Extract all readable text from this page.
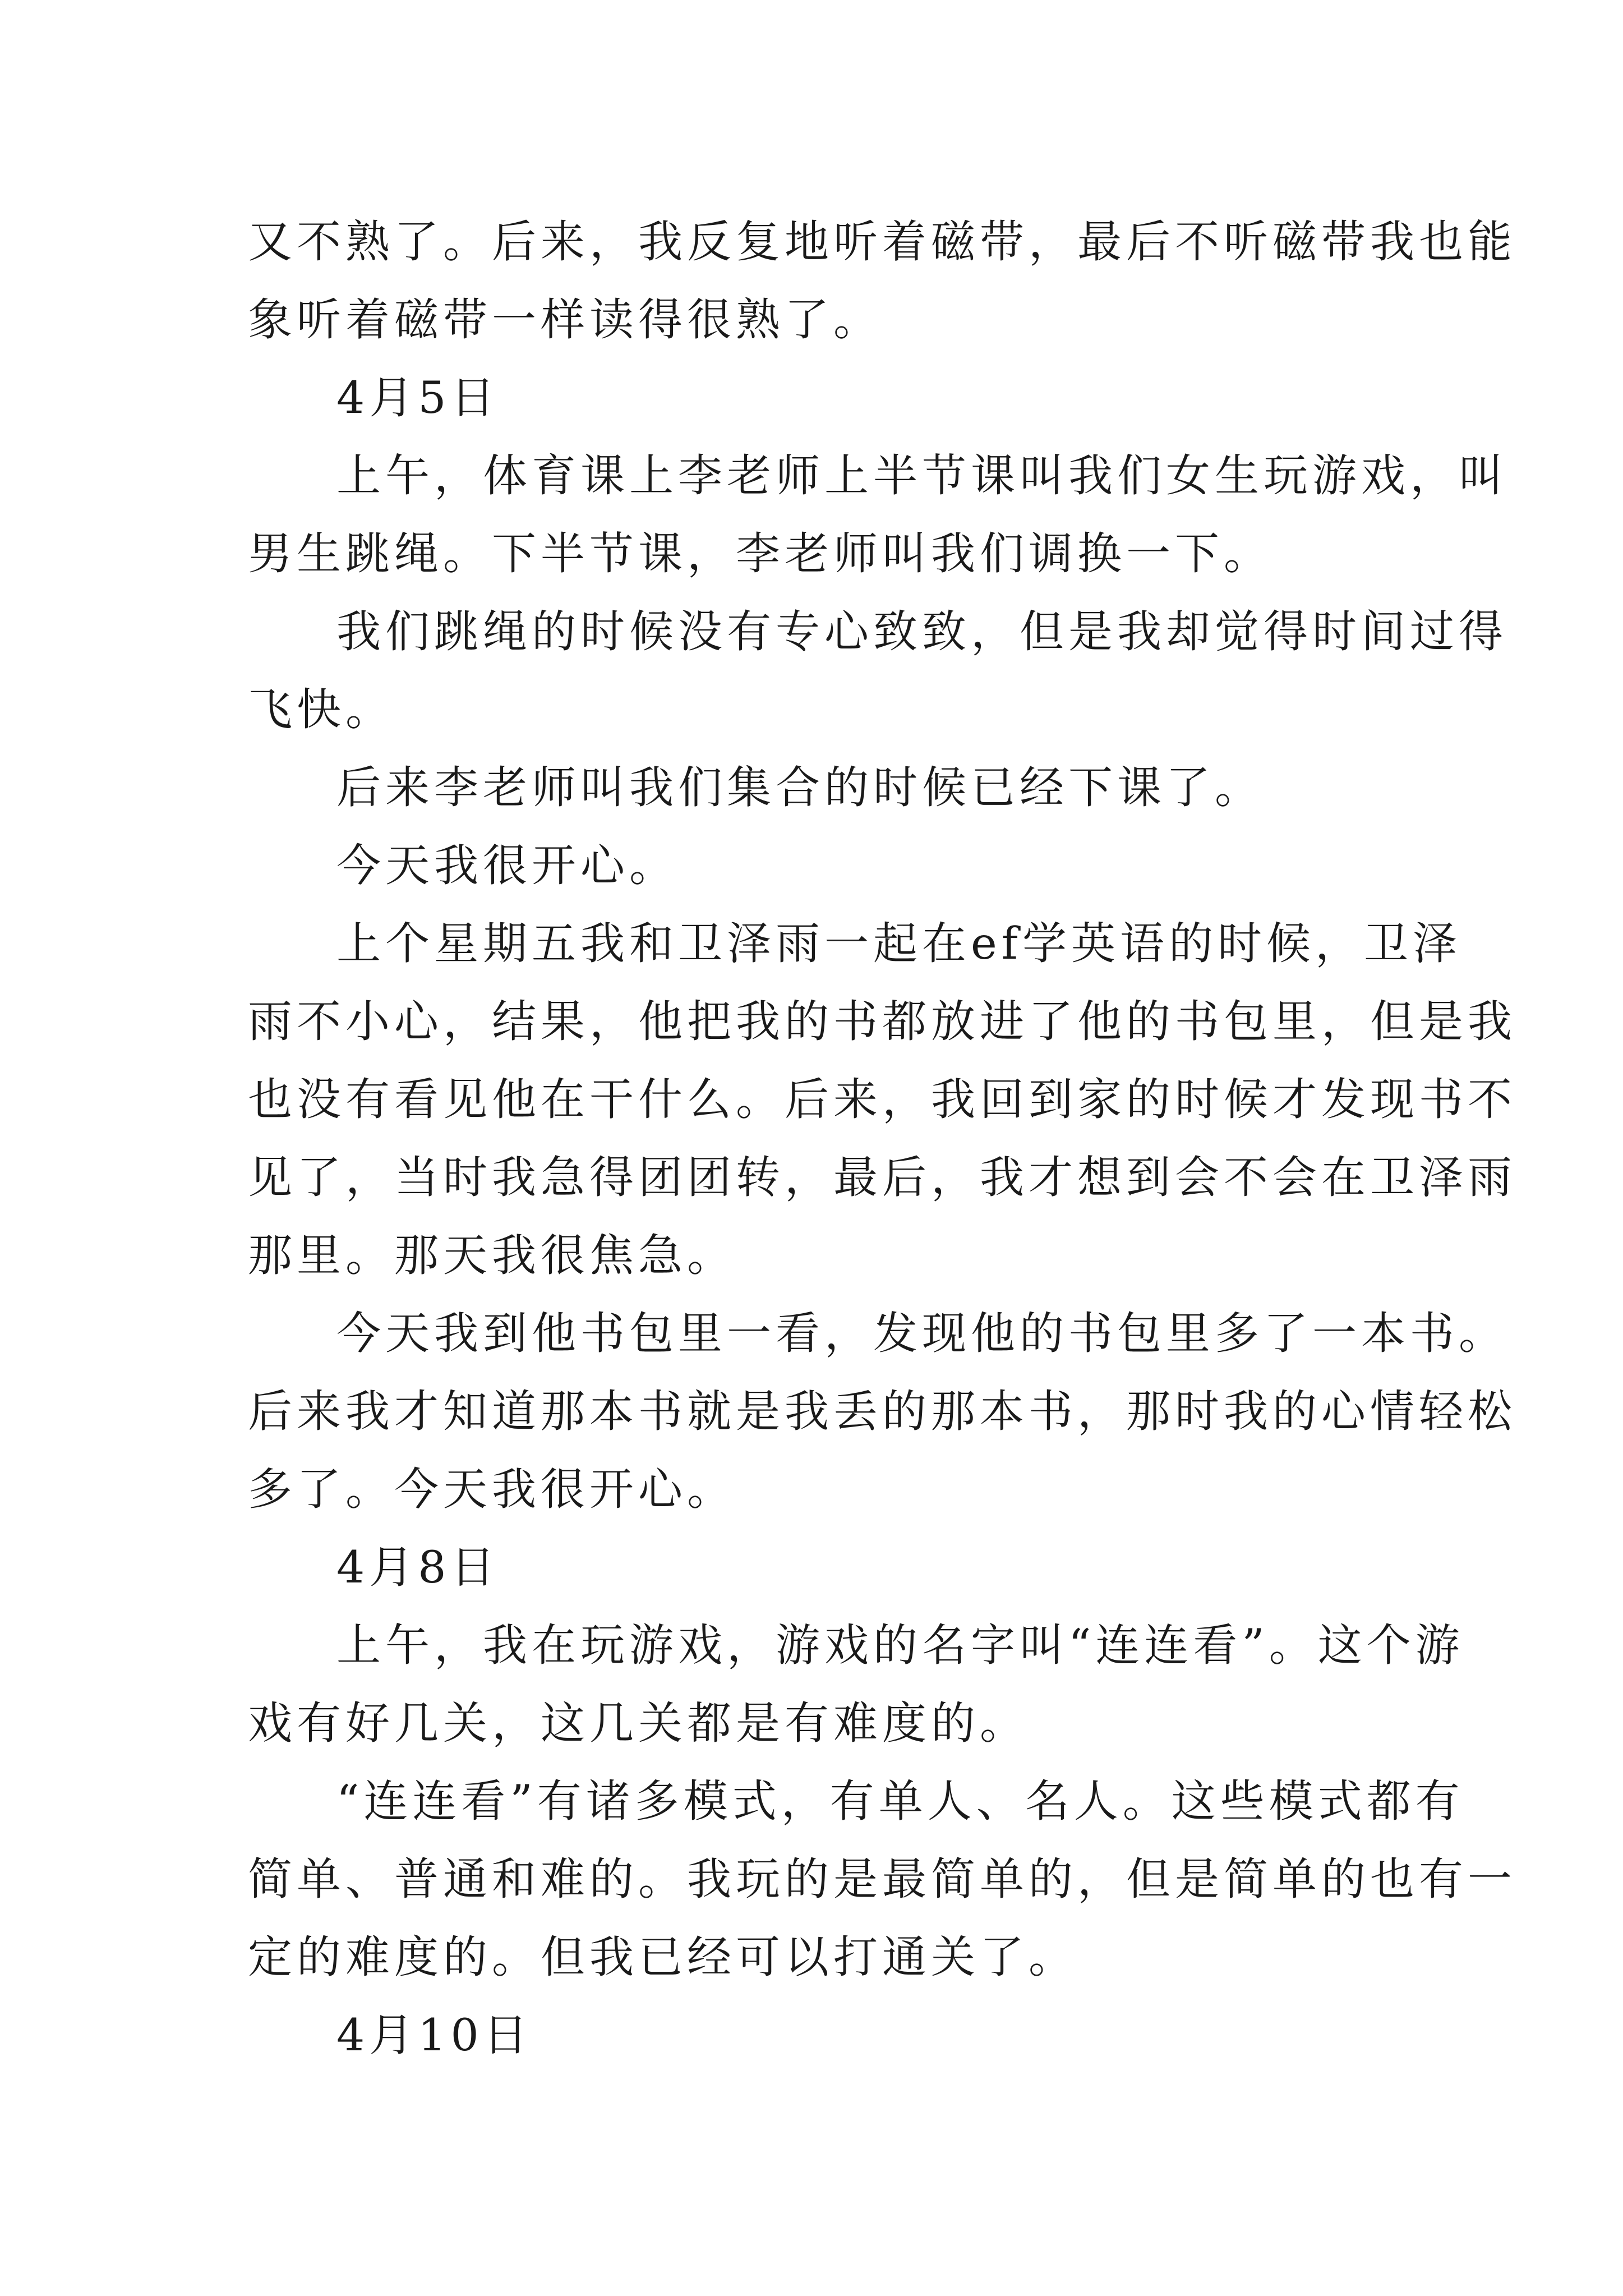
又不熟了。后来，我反复地听着磁带，最后不听磁带我也能
象听着磁带一样读得很熟了。
4月5日
上午，体育课上李老师上半节课叫我们女生玩游戏，叫
男生跳绳。下半节课，李老师叫我们调换一下。
我们跳绳的时候没有专心致致，但是我却觉得时间过得
飞快。
后来李老师叫我们集合的时候已经下课了。
今天我很开心。
上个星期五我和卫泽雨一起在ef学英语的时候，卫泽
雨不小心，结果，他把我的书都放进了他的书包里，但是我
也没有看见他在干什么。后来，我回到家的时候才发现书不
见了，当时我急得团团转，最后，我才想到会不会在卫泽雨
那里。那天我很焦急。
今天我到他书包里一看，发现他的书包里多了一本书。
后来我才知道那本书就是我丢的那本书，那时我的心情轻松
多了。今天我很开心。
4月8日
上午，我在玩游戏，游戏的名字叫“连连看”。这个游
戏有好几关，这几关都是有难度的。
“连连看”有诸多模式，有单人、名人。这些模式都有
简单、普通和难的。我玩的是最简单的，但是简单的也有一
定的难度的。但我已经可以打通关了。
4月10日
